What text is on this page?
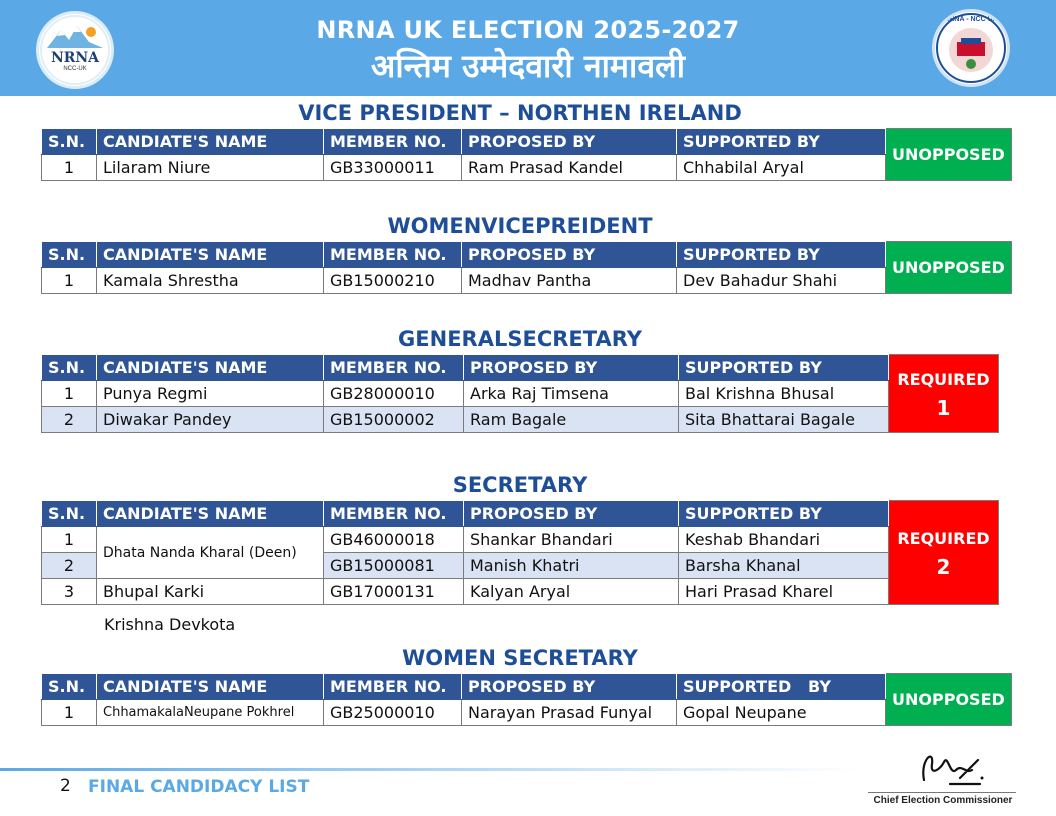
NRNA
NCC-UK
NRNA UK ELECTION 2025-2027
अन्तिम उम्मेदवारी नामावली
NRNA - NCC UK
VICE PRESIDENT – NORTHEN IRELAND
S.N.	CANDIATE'S NAME	MEMBER NO.	PROPOSED BY	SUPPORTED BY	UNOPPOSED
1	Lilaram Niure	GB33000011	Ram Prasad Kandel	Chhabilal Aryal	
WOMENVICEPREIDENT
S.N.	CANDIATE'S NAME	MEMBER NO.	PROPOSED BY	SUPPORTED BY	UNOPPOSED
1	Kamala Shrestha	GB15000210	Madhav Pantha	Dev Bahadur Shahi	
GENERALSECRETARY
S.N.	CANDIATE'S NAME	MEMBER NO.	PROPOSED BY	SUPPORTED BY	REQUIRED
1

1	Punya Regmi	GB28000010	Arka Raj Timsena	Bal Krishna Bhusal	
2	Diwakar Pandey	GB15000002	Ram Bagale	Sita Bhattarai Bagale	
SECRETARY
S.N.	CANDIATE'S NAME	MEMBER NO.	PROPOSED BY	SUPPORTED BY	REQUIRED
2

1	Dhata Nanda Kharal (Deen)	GB46000018	Shankar Bhandari	Keshab Bhandari	
2		GB15000081	Manish Khatri	Barsha Khanal	
3	Bhupal Karki	GB17000131	Kalyan Aryal	Hari Prasad Kharel	
Krishna Devkota
WOMEN SECRETARY
S.N.	CANDIATE'S NAME	MEMBER NO.	PROPOSED BY	SUPPORTED   BY	UNOPPOSED
1	ChhamakalaNeupane Pokhrel	GB25000010	Narayan Prasad Funyal	Gopal Neupane	
2 FINAL CANDIDACY LIST
Chief Election Commissioner
